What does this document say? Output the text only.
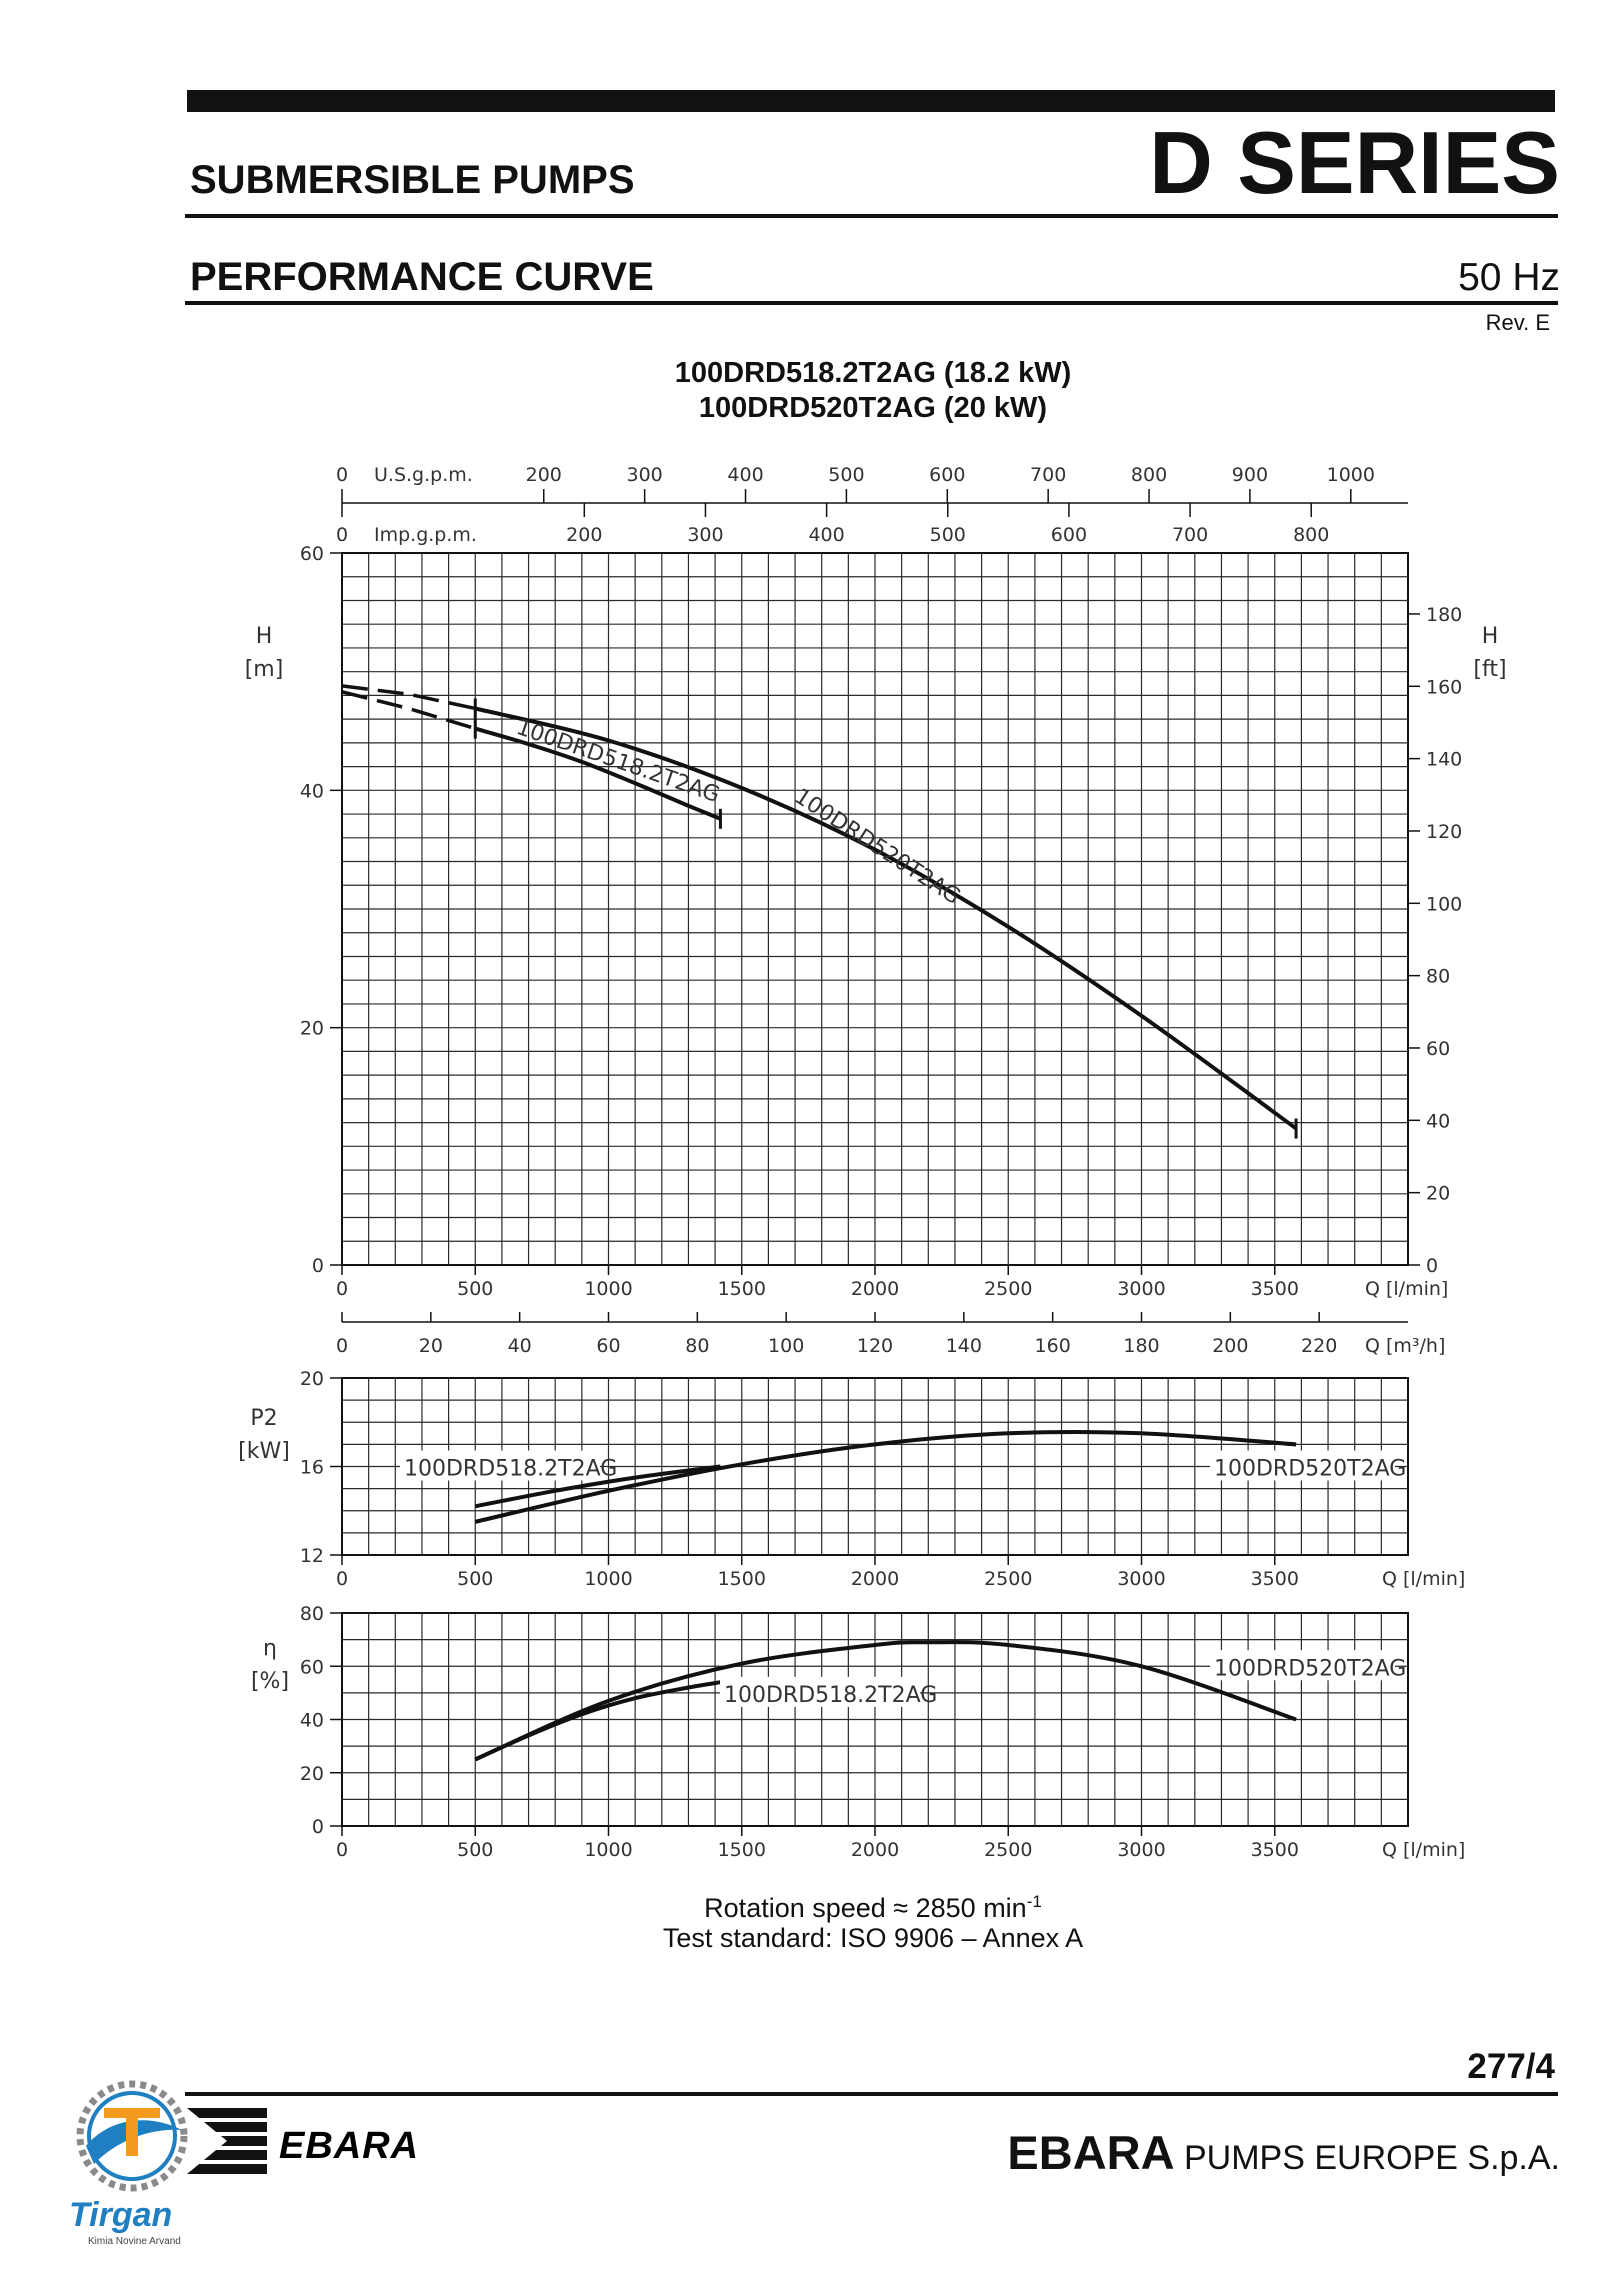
SUBMERSIBLE PUMPS	D SERIES
PERFORMANCE CURVE	50 Hz
Rev. E
100DRD518.2T2AG (18.2 kW)
100DRD520T2AG (20 kW)
0
20
40
60
12
16
20
0
20
40
60
80
0
20
40
60
80
100
120
140
160
180
0	500	1000	1500	2000	2500	3000	3500	Q [l/min]
0	500	1000	1500	2000	2500	3000	3500	Q [l/min]
0	500	1000	1500	2000	2500	3000	3500	Q [l/min]
0	20	40	60	80	100	120	140	160	180	200	220 Q [m³/h]
0	200	300	400	500	600	700	800	900	1000
U.S.g.p.m.
0	200	300	400	500	600	700	800
Imp.g.p.m.
H
[m]
H
[ft]
P2
[kW]
η
[%]
100DRD518.2T2AG
100DRD520T2AG
100DRD518.2T2AG	100DRD520T2AG
100DRD518.2T2AG
100DRD520T2AG
Rotation speed ≈ 2850 $\min^{-1}$
Test standard: ISO 9906 – Annex A
277/4
EBARA
Tirgan
Kimia Novine Arvand
EBARA PUMPS EUROPE S.p.A.
